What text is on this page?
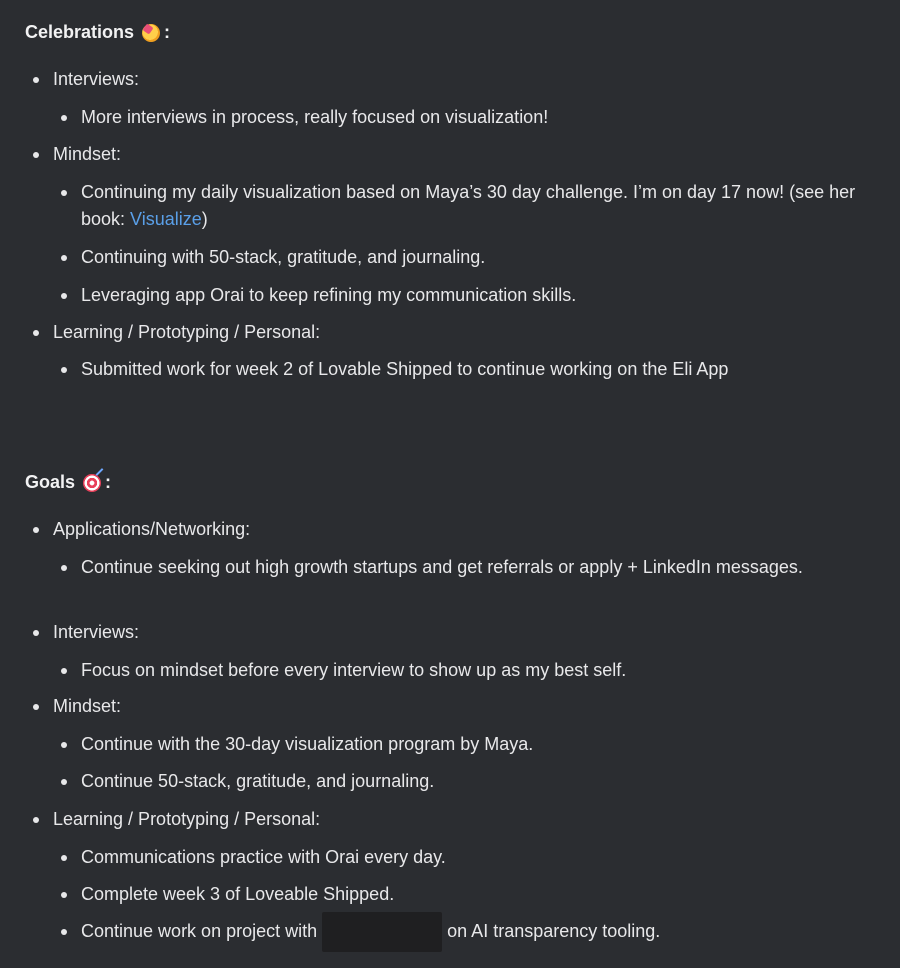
Celebrations :
Interviews:
More interviews in process, really focused on visualization!
Mindset:
Continuing my daily visualization based on Maya’s 30 day challenge. I’m on day 17 now! (see her book: Visualize)
Continuing with 50-stack, gratitude, and journaling.
Leveraging app Orai to keep refining my communication skills.
Learning / Prototyping / Personal:
Submitted work for week 2 of Lovable Shipped to continue working on the Eli App
Goals :
Applications/Networking:
Continue seeking out high growth startups and get referrals or apply + LinkedIn messages.
Interviews:
Focus on mindset before every interview to show up as my best self.
Mindset:
Continue with the 30-day visualization program by Maya.
Continue 50-stack, gratitude, and journaling.
Learning / Prototyping / Personal:
Communications practice with Orai every day.
Complete week 3 of Loveable Shipped.
Continue work on project with	on AI transparency tooling.
